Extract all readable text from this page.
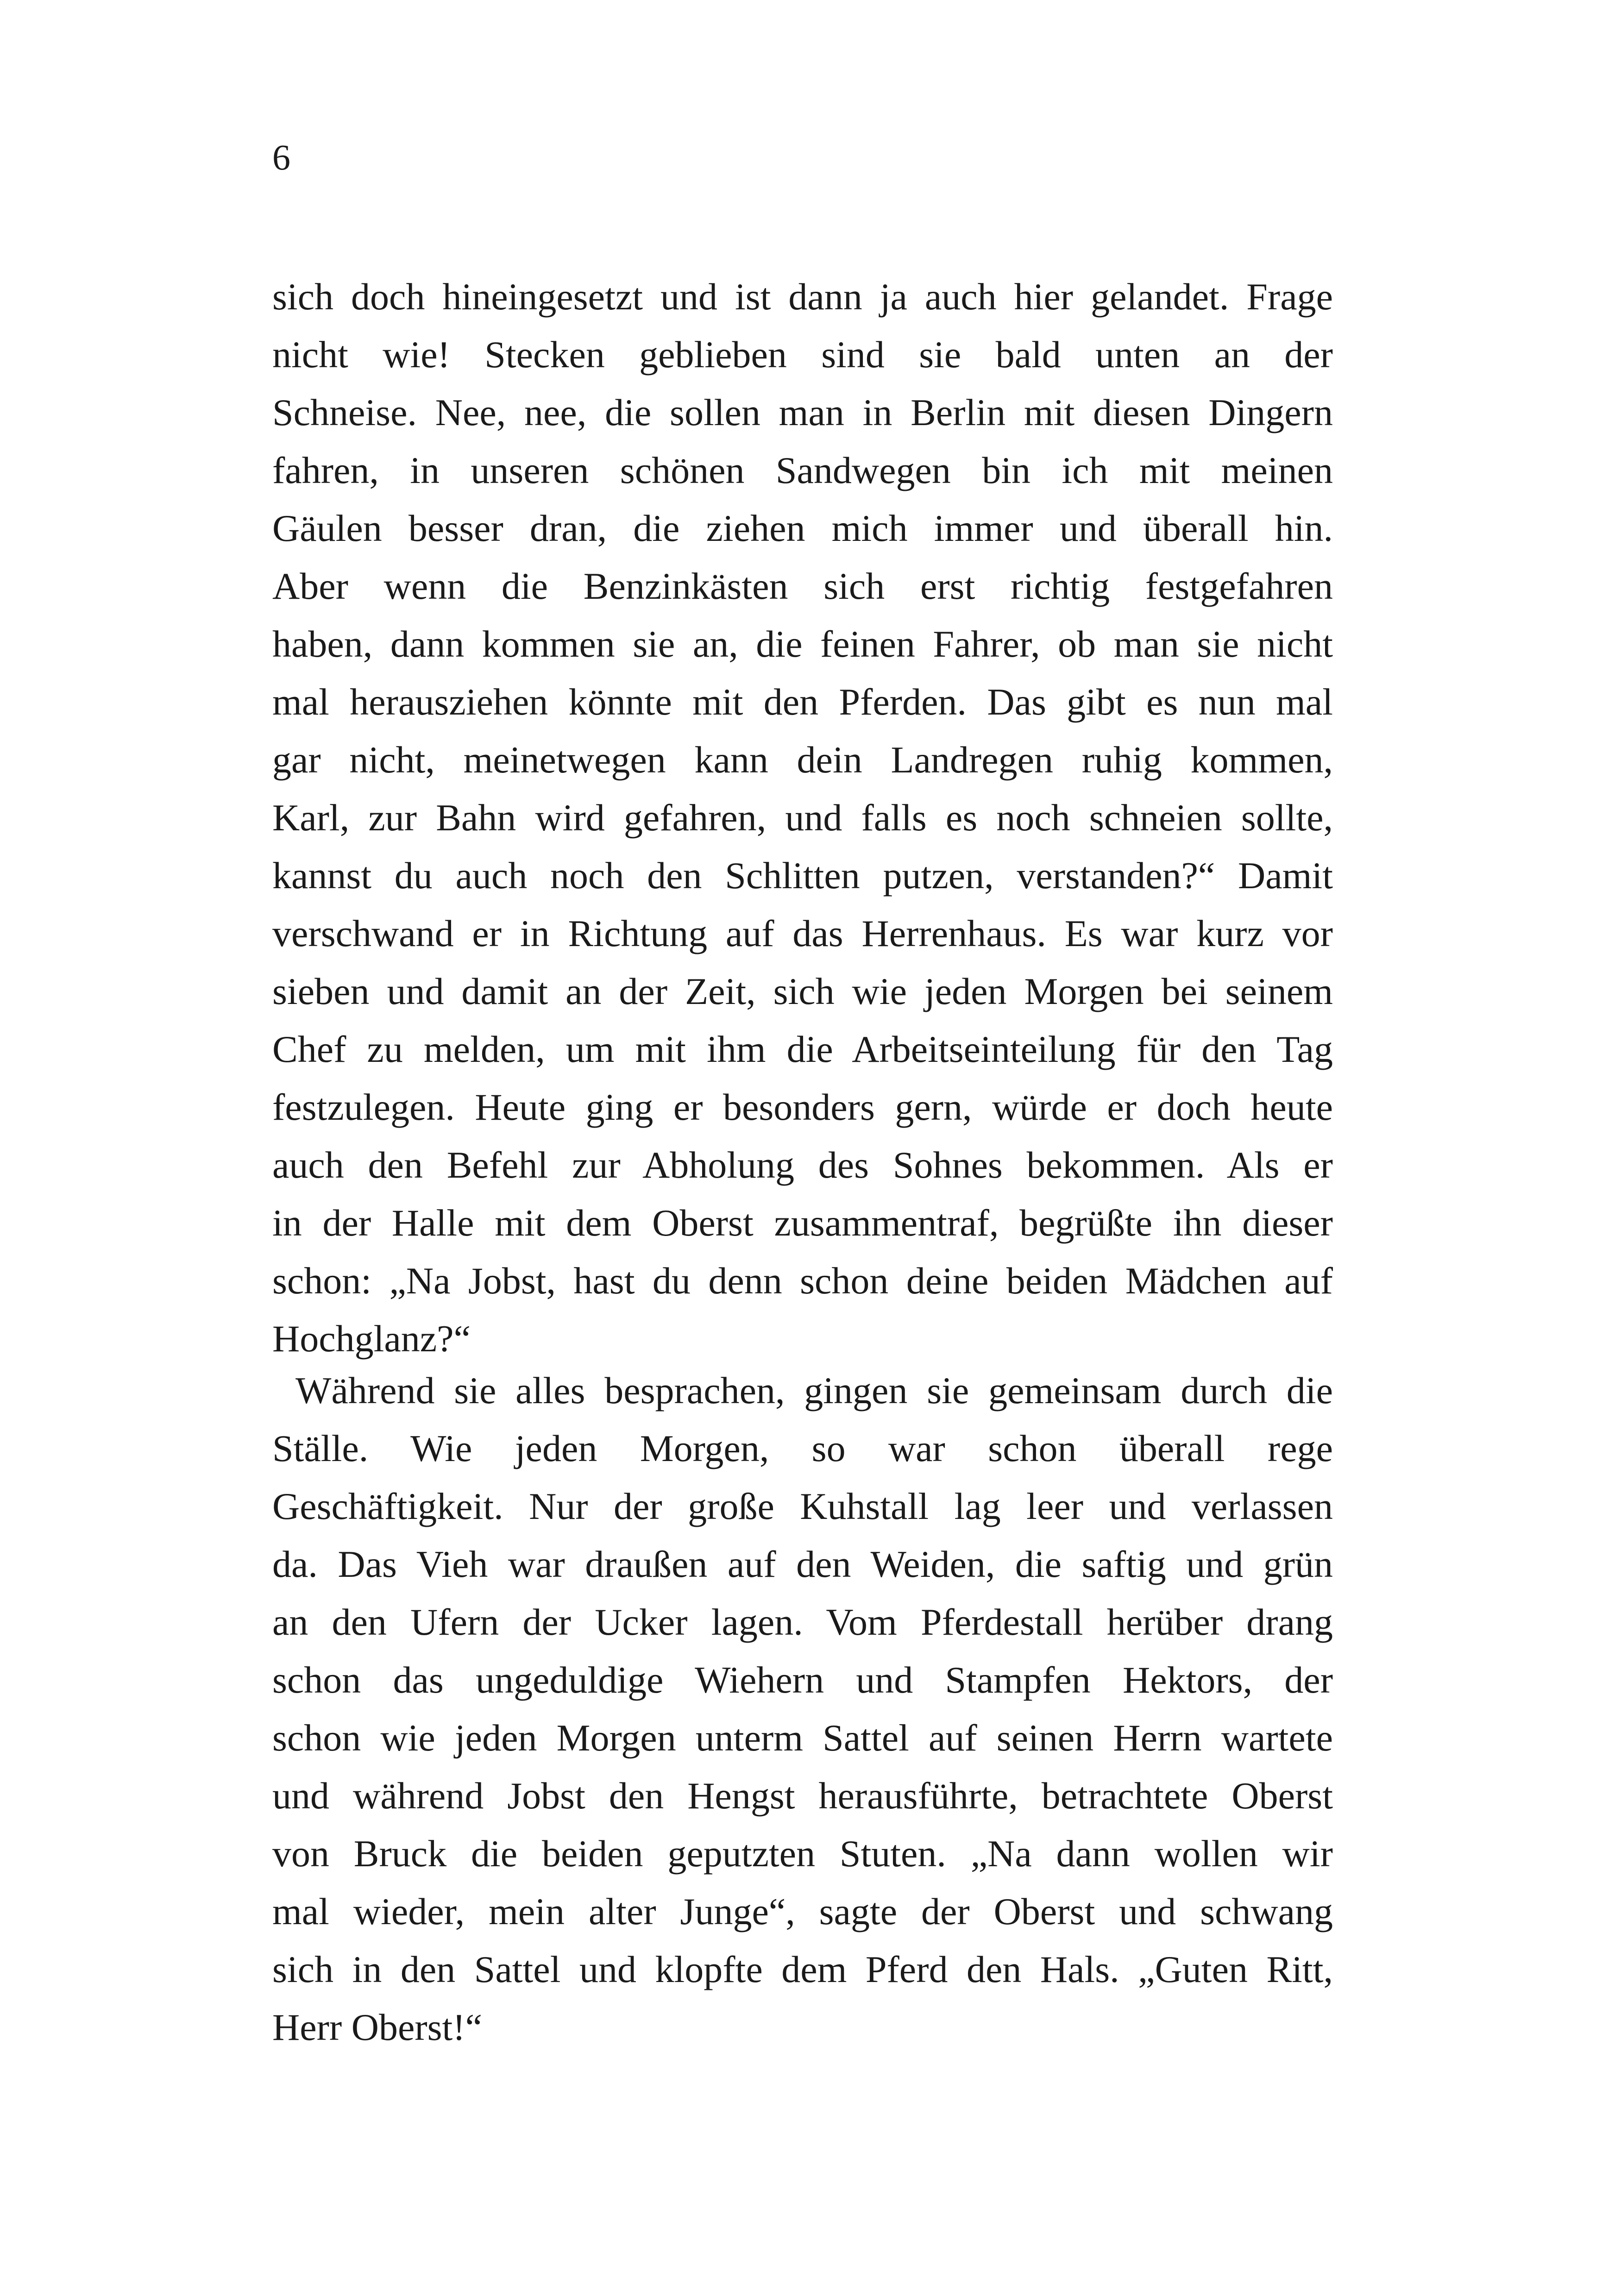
6
sich doch hineingesetzt und ist dann ja auch hier gelandet. Frage
nicht wie! Stecken geblieben sind sie bald unten an der
Schneise. Nee, nee, die sollen man in Berlin mit diesen Dingern
fahren, in unseren schönen Sandwegen bin ich mit meinen
Gäulen besser dran, die ziehen mich immer und überall hin.
Aber wenn die Benzinkästen sich erst richtig festgefahren
haben, dann kommen sie an, die feinen Fahrer, ob man sie nicht
mal herausziehen könnte mit den Pferden. Das gibt es nun mal
gar nicht, meinetwegen kann dein Landregen ruhig kommen,
Karl, zur Bahn wird gefahren, und falls es noch schneien sollte,
kannst du auch noch den Schlitten putzen, verstanden?“ Damit
verschwand er in Richtung auf das Herrenhaus. Es war kurz vor
sieben und damit an der Zeit, sich wie jeden Morgen bei seinem
Chef zu melden, um mit ihm die Arbeitseinteilung für den Tag
festzulegen. Heute ging er besonders gern, würde er doch heute
auch den Befehl zur Abholung des Sohnes bekommen. Als er
in der Halle mit dem Oberst zusammentraf, begrüßte ihn dieser
schon: „Na Jobst, hast du denn schon deine beiden Mädchen auf
Hochglanz?“
Während sie alles besprachen, gingen sie gemeinsam durch die
Ställe. Wie jeden Morgen, so war schon überall rege
Geschäftigkeit. Nur der große Kuhstall lag leer und verlassen
da. Das Vieh war draußen auf den Weiden, die saftig und grün
an den Ufern der Ucker lagen. Vom Pferdestall herüber drang
schon das ungeduldige Wiehern und Stampfen Hektors, der
schon wie jeden Morgen unterm Sattel auf seinen Herrn wartete
und während Jobst den Hengst herausführte, betrachtete Oberst
von Bruck die beiden geputzten Stuten. „Na dann wollen wir
mal wieder, mein alter Junge“, sagte der Oberst und schwang
sich in den Sattel und klopfte dem Pferd den Hals. „Guten Ritt,
Herr Oberst!“
